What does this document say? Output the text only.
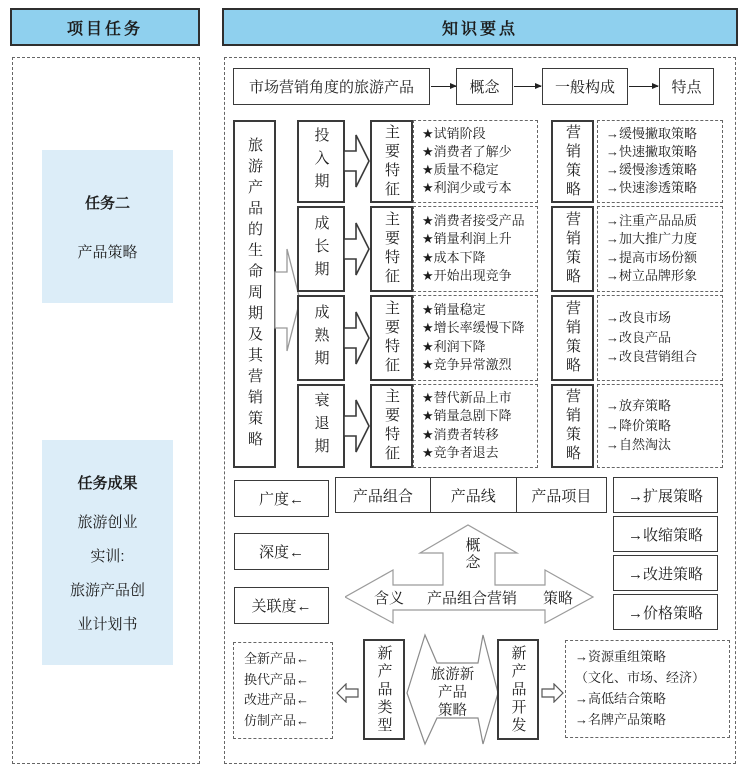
项目任务
任务二
产品策略
任务成果
旅游创业
实训:
旅游产品创
业计划书
知识要点
市场营销角度的旅游产品	概念	一般构成	特点
旅游产品的生命周期及其营销策略	投入期	主要特征 ★试销阶段
★消费者了解少
★质量不稳定
★利润少或亏本	营销策略 →缓慢撇取策略
→快速撇取策略
→缓慢渗透策略
→快速渗透策略
成长期	主要特征 ★消费者接受产品
★销量利润上升
★成本下降
★开始出现竞争	营销策略 →注重产品品质
→加大推广力度
→提高市场份额
→树立品牌形象
成熟期	主要特征 ★销量稳定
★增长率缓慢下降
★利润下降
★竞争异常激烈	营销策略 →改良市场
→改良产品
→改良营销组合
衰退期	主要特征 ★替代新品上市
★销量急剧下降
★消费者转移
★竞争者退去	营销策略 →放弃策略
→降价策略
→自然淘汰
广度←
深度←
关联度←
产品组合	产品线	产品项目	→扩展策略
→收缩策略
→改进策略
→价格策略
概念
含义	产品组合营销	策略
全新产品←
换代产品←
改进产品←
仿制产品←	新产品类型	旅游新
产品
策略	新产品开发	→资源重组策略
（文化、市场、经济）
→高低结合策略
→名牌产品策略
